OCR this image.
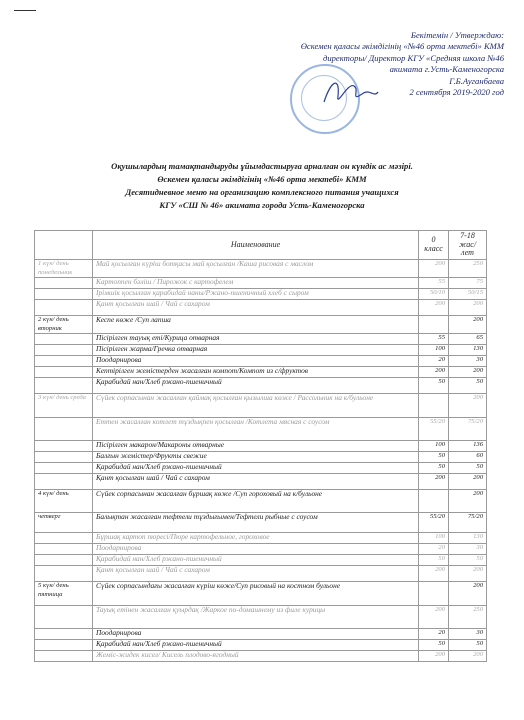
Бекітемін / Утверждаю:
Өскемен қаласы әкімдігінің «№46 орта мектебі» КММ
директоры/ Директор КГУ «Средняя школа №46
акимата г.Усть-Каменогорска
Г.Б.Ауганбаева
2 сентября 2019-2020 год
Оқушылардың тамақтандыруды ұйымдастыруға арналған он күндік ас мәзірі.
Өскемен қаласы әкімдігінің «№46 орта мектебі» КММ
Десятидневное меню на организацию комплексного питания учащихся
КГУ «СШ № 46» акимата города Усть-Каменогорска
	Наименование	0 класс	7-18 жас/ лет
1 күн/ день понедельник	Май қосылған күріш ботқасы май қосылған /Каша рисовая с маслом	200	250
	Картоппен бәліш / Пирожок с картофелем	55	75
	Ірімшік қосылған қарабидай наны/Ржано-пшеничный хлеб с сыром	50/10	50/15
	Қант қосылған шай / Чай с сахаром	200	200
2 күн/ день вторник	Кеспе көже /Суп лапша		200
	Пісірілген тауық еті/Курица отварная	55	65
	Пісірілген жарма/Гречка отварная	100	130
	Поодарнирова	20	30
	Кептірілген жемістерден жасалған компот/Компот из с/фруктов	200	200
	Қарабидай нан/Хлеб ржано-пшеничный	50	50
3 күн/ день среда	Сүйек сорпасынан жасалған қаймақ қосылған қызылша көже / Рассольник на к/бульоне		200
	Еттен жасалған котлет тұздықпен қосылған /Котлета мясная с соусом	55/20	75/20
	Пісірілген макарон/Макароны отварные	100	136
	Балғын жемістер/Фрукты свежие	50	60
	Қарабидай нан/Хлеб ржано-пшеничный	50	50
	Қант қосылған шай / Чай с сахаром	200	200
4 күн/ день	Сүйек сорпасынан жасалған бұршақ көже /Суп гороховый на к/бульоне		200
четверг	Балықтан жасалған тефтели тұздығымен/Тефтели рыбные с соусом	55/20	75/20
	Бұршақ картоп пюресі/Пюре картофельное, гороховое	100	130
	Поодарнирова	20	30
	Қарабидай нан/Хлеб ржано-пшеничный	50	50
	Қант қосылған шай / Чай с сахаром	200	200
5 күн/ день пятница	Сүйек сорпасындағы жасалған күріш көже/Суп рисовый на костном бульоне		200
	Тауық етінен жасалған қуырдақ /Жаркое по-домашнему из филе курицы	200	250
	Поодарнирова	20	30
	Қарабидай нан/Хлеб ржано-пшеничный	50	50
	Жеміс-жидек кисел/ Кисель плодово-ягодный	200	200
